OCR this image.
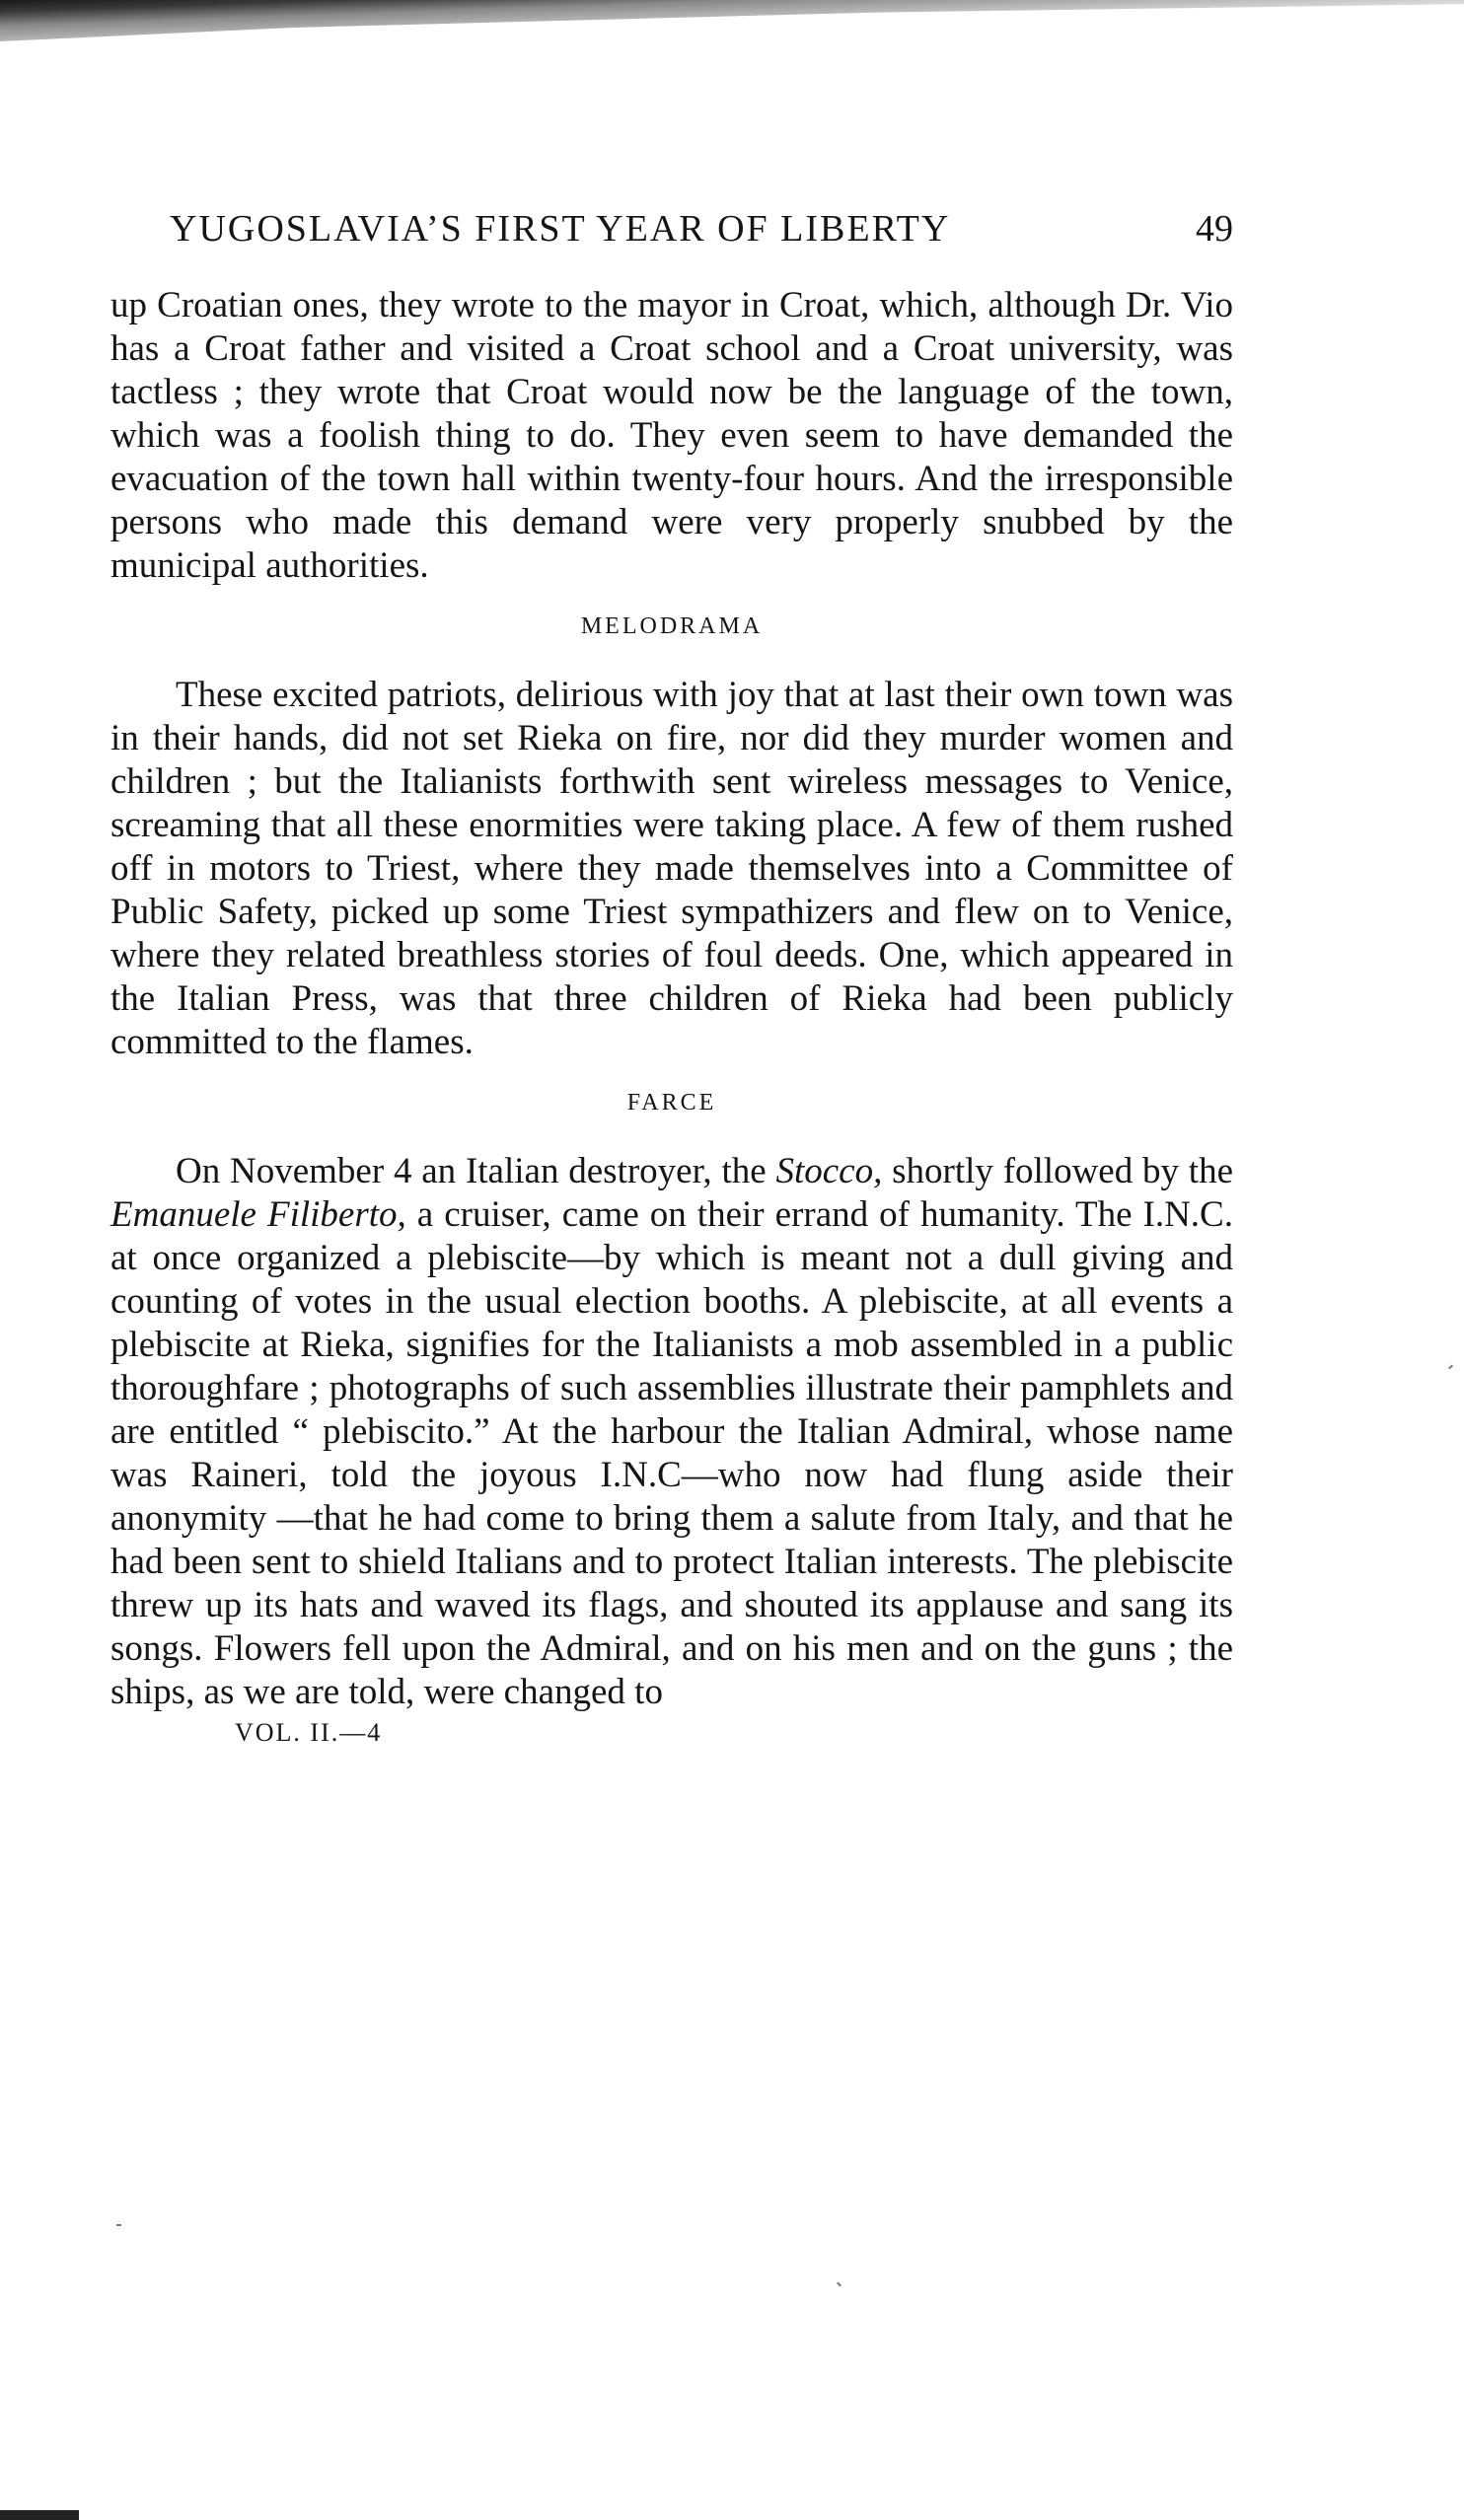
YUGOSLAVIA’S FIRST YEAR OF LIBERTY	49

up Croatian ones, they wrote to the mayor in Croat, which, although Dr. Vio has a Croat father and visited a Croat school and a Croat university, was tactless ; they wrote that Croat would now be the language of the town, which was a foolish thing to do. They even seem to have demanded the evacuation of the town hall within twenty-four hours. And the irresponsible persons who made this demand were very properly snubbed by the municipal authorities.

MELODRAMA

These excited patriots, delirious with joy that at last their own town was in their hands, did not set Rieka on fire, nor did they murder women and children ; but the Italianists forthwith sent wireless messages to Venice, screaming that all these enormities were taking place. A few of them rushed off in motors to Triest, where they made themselves into a Committee of Public Safety, picked up some Triest sympathizers and flew on to Venice, where they related breathless stories of foul deeds. One, which appeared in the Italian Press, was that three children of Rieka had been publicly committed to the flames.

FARCE

On November 4 an Italian destroyer, the Stocco, shortly followed by the Emanuele Filiberto, a cruiser, came on their errand of humanity. The I.N.C. at once organized a plebiscite—by which is meant not a dull giving and counting of votes in the usual election booths. A plebiscite, at all events a plebiscite at Rieka, signifies for the Italianists a mob assembled in a public thoroughfare ; photographs of such assemblies illustrate their pamphlets and are entitled “ plebiscito.” At the harbour the Italian Admiral, whose name was Raineri, told the joyous I.N.C—who now had flung aside their anonymity —that he had come to bring them a salute from Italy, and that he had been sent to shield Italians and to protect Italian interests. The plebiscite threw up its hats and waved its flags, and shouted its applause and sang its songs. Flowers fell upon the Admiral, and on his men and on the guns ; the ships, as we are told, were changed to

VOL. II.—4
